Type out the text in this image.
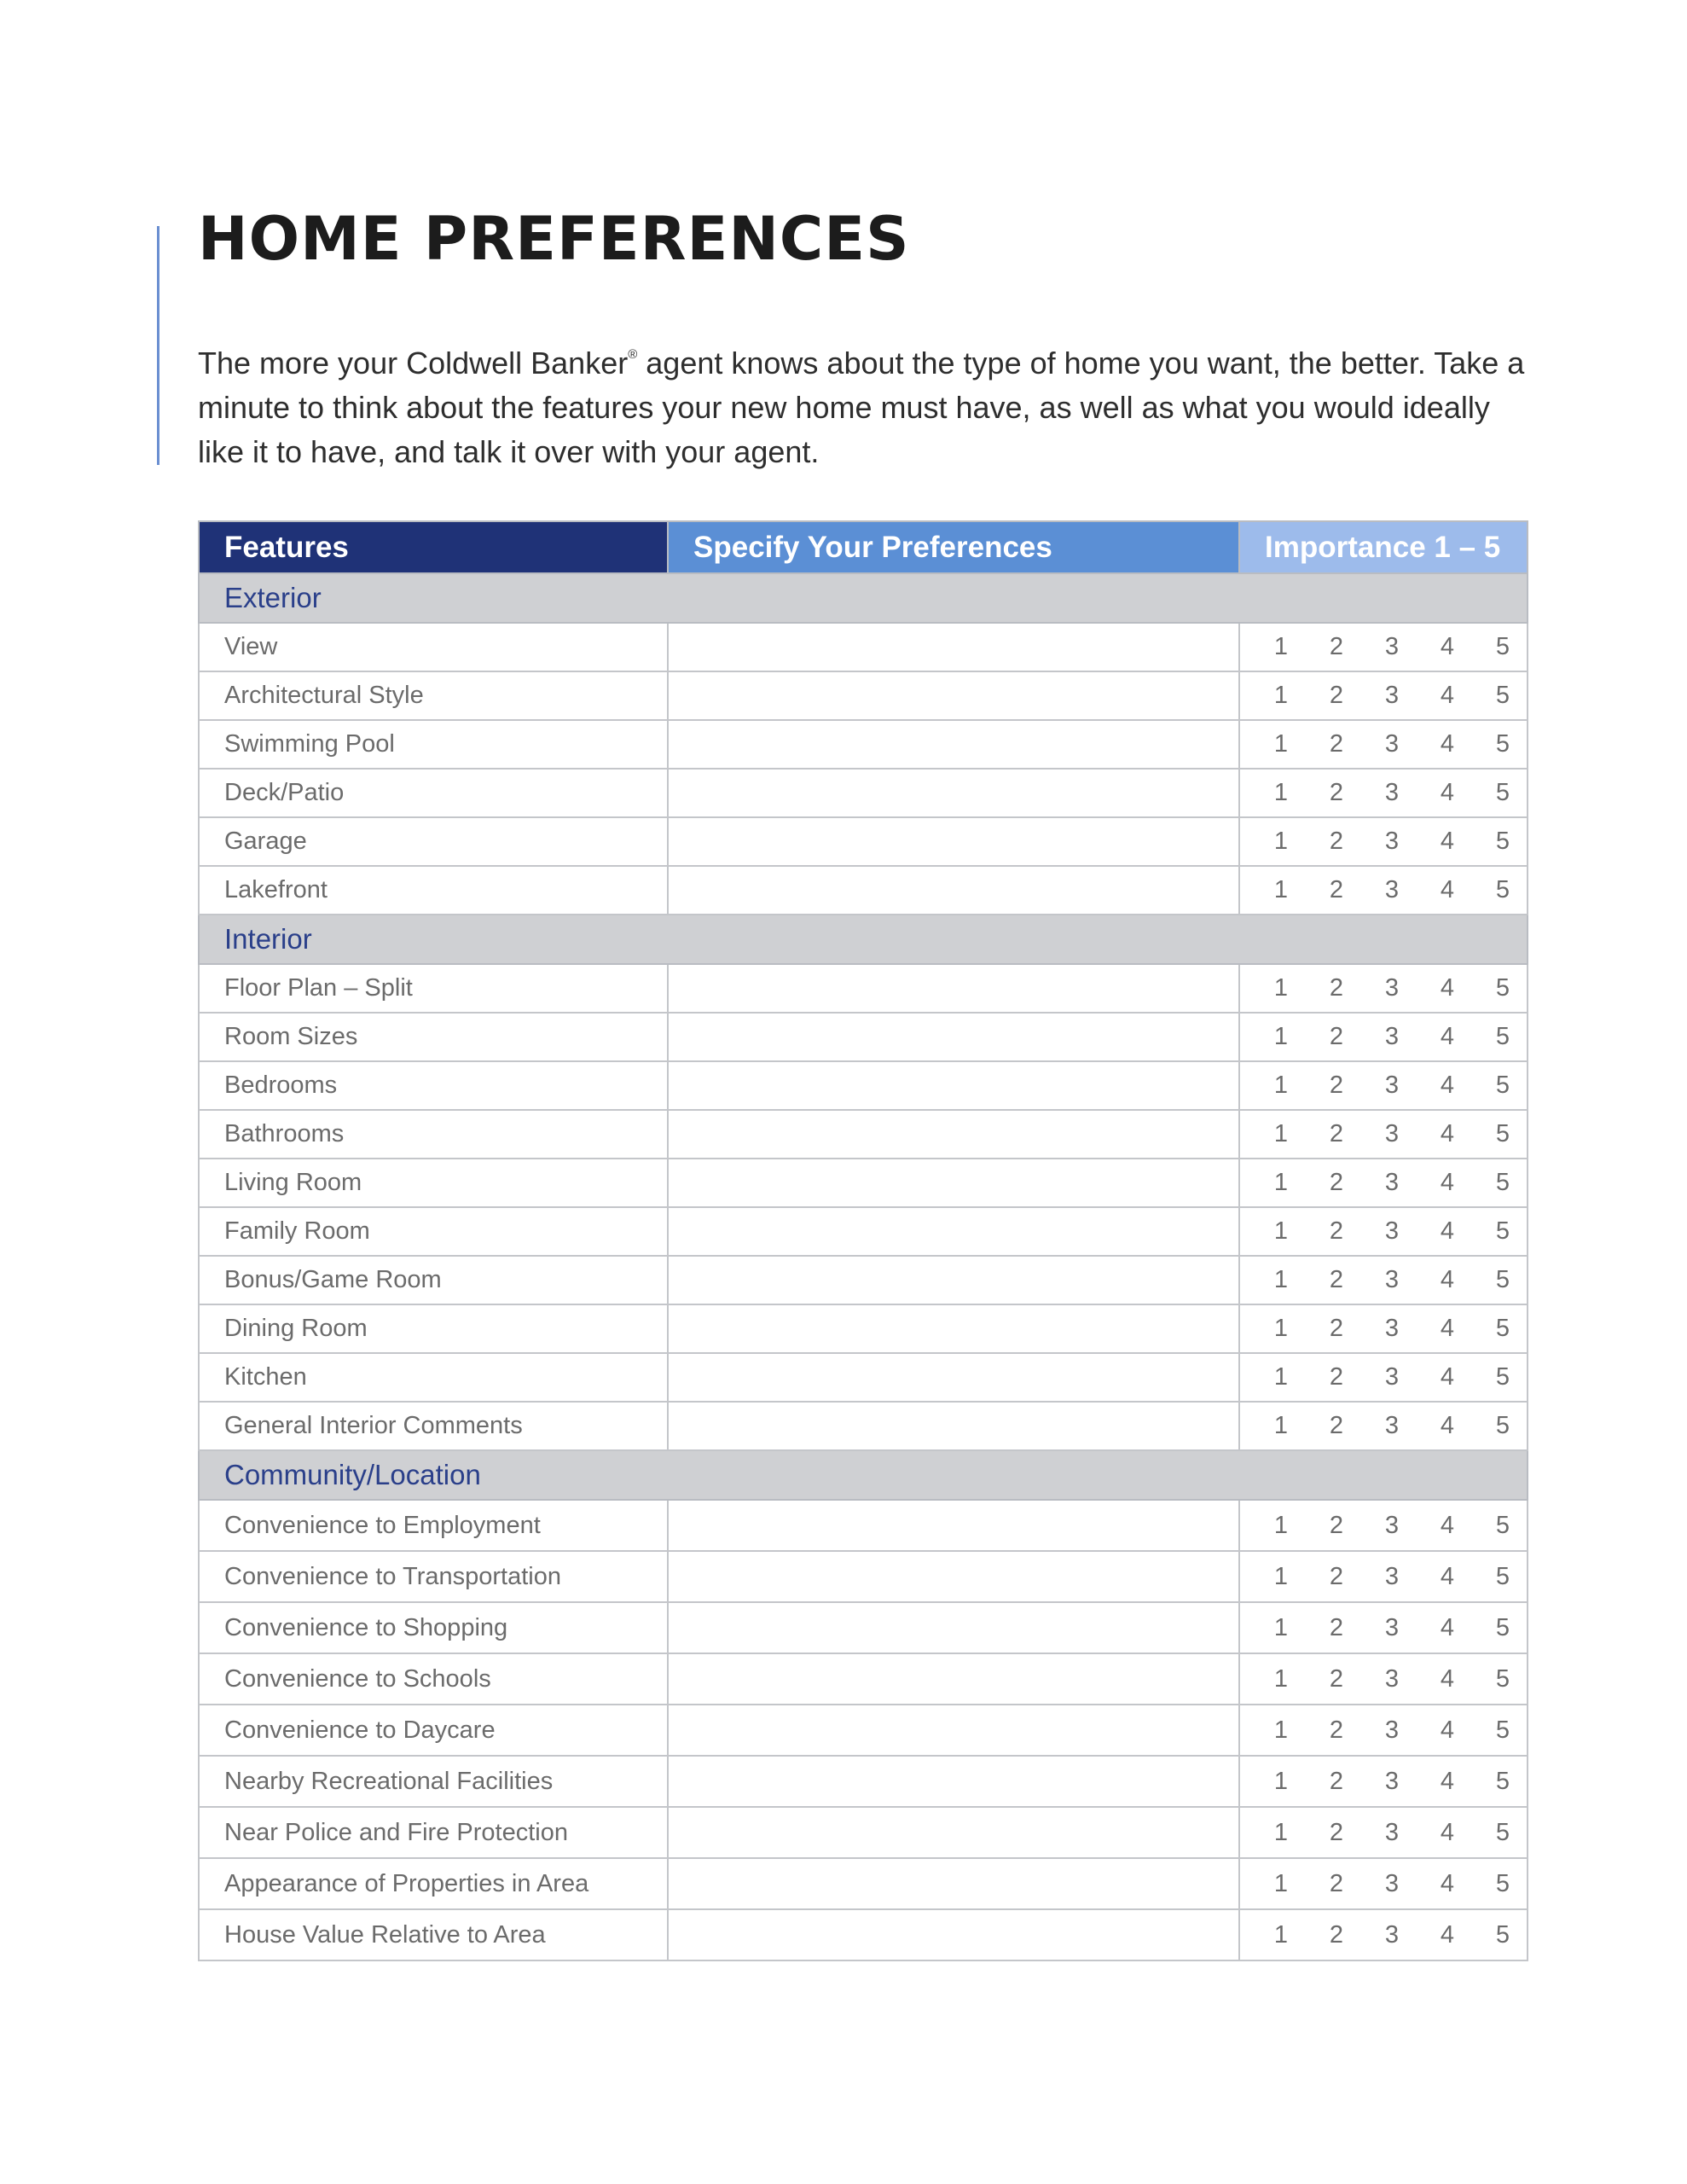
HOME PREFERENCES

The more your Coldwell Banker® agent knows about the type of home you want, the better. Take a minute to think about the features your new home must have, as well as what you would ideally like it to have, and talk it over with your agent.

Features	Specify Your Preferences	Importance 1 – 5
Exterior		
View		1 2 3 4 5

Architectural Style		1 2 3 4 5

Swimming Pool		1 2 3 4 5

Deck/Patio		1 2 3 4 5

Garage		1 2 3 4 5

Lakefront		1 2 3 4 5

Interior		
Floor Plan – Split		1 2 3 4 5

Room Sizes		1 2 3 4 5

Bedrooms		1 2 3 4 5

Bathrooms		1 2 3 4 5

Living Room		1 2 3 4 5

Family Room		1 2 3 4 5

Bonus/Game Room		1 2 3 4 5

Dining Room		1 2 3 4 5

Kitchen		1 2 3 4 5

General Interior Comments		1 2 3 4 5

Community/Location		
Convenience to Employment		1 2 3 4 5

Convenience to Transportation		1 2 3 4 5

Convenience to Shopping		1 2 3 4 5

Convenience to Schools		1 2 3 4 5

Convenience to Daycare		1 2 3 4 5

Nearby Recreational Facilities		1 2 3 4 5

Near Police and Fire Protection		1 2 3 4 5

Appearance of Properties in Area		1 2 3 4 5

House Value Relative to Area		1 2 3 4 5
